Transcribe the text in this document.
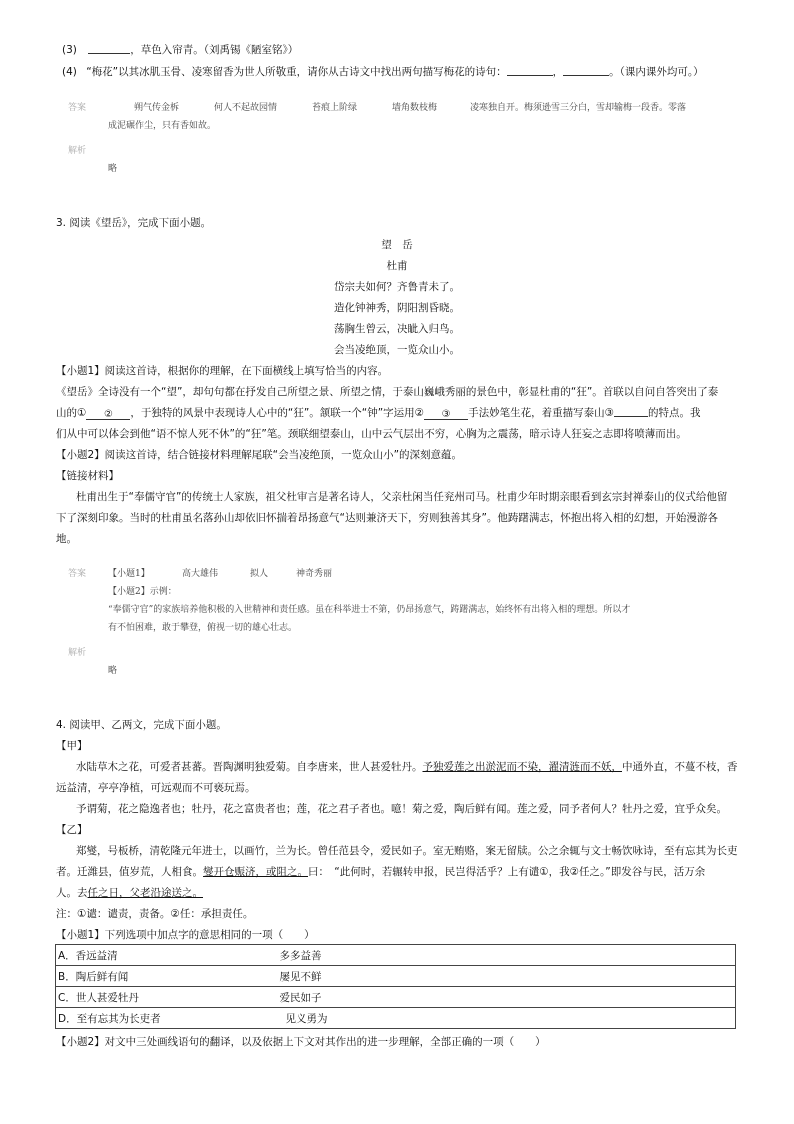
(3)	，草色入帘青。（刘禹锡《陋室铭》）
(4) “梅花”以其冰肌玉骨、凌寒留香为世人所敬重，请你从古诗文中找出两句描写梅花的诗句：	，	。（课内课外均可。）
答案	朔气传金柝	何人不起故园情	苔痕上阶绿	墙角数枝梅	凌寒独自开。梅须逊雪三分白，雪却输梅一段香。零落
成泥碾作尘，只有香如故。
解析
略
3. 阅读《望岳》，完成下面小题。
望　岳
杜甫
岱宗夫如何？齐鲁青未了。
造化钟神秀，阴阳割昏晓。
荡胸生曾云，决眦入归鸟。
会当凌绝顶，一览众山小。
【小题1】阅读这首诗，根据你的理解，在下面横线上填写恰当的内容。
《望岳》全诗没有一个“望”，却句句都在抒发自己所望之景、所望之情，于泰山巍峨秀丽的景色中，彰显杜甫的“狂”。首联以自问自答突出了泰
山的① ② ，于独特的风景中表现诗人心中的“狂”。颔联一个“钟”字运用② ③ 手法妙笔生花，着重描写泰山③	的特点。我
们从中可以体会到他“语不惊人死不休”的“狂”笔。颈联细望泰山，山中云气层出不穷，心胸为之震荡，暗示诗人狂妄之志即将喷薄而出。
【小题2】阅读这首诗，结合链接材料理解尾联“会当凌绝顶，一览众山小”的深刻意蕴。
【链接材料】
杜甫出生于“奉儒守官”的传统士人家族，祖父杜审言是著名诗人，父亲杜闲当任兖州司马。杜甫少年时期亲眼看到玄宗封禅泰山的仪式给他留
下了深刻印象。当时的杜甫虽名落孙山却依旧怀揣着昂扬意气“达则兼济天下，穷则独善其身”。他踌躇满志，怀抱出将入相的幻想，开始漫游各
地。
答案 【小题1】	高大雄伟	拟人	神奇秀丽
【小题2】示例：
“奉儒守官”的家族培养他积极的入世精神和责任感。虽在科举进士不第，仍昂扬意气，踌躇满志，始终怀有出将入相的理想。所以才
有不怕困难，敢于攀登，俯视一切的雄心壮志。
解析
略
4. 阅读甲、乙两文，完成下面小题。
【甲】
水陆草木之花，可爱者甚蕃。晋陶渊明独爱菊。自李唐来，世人甚爱牡丹。予独爱莲之出淤泥而不染，濯清涟而不妖，中通外直，不蔓不枝，香
远益清，亭亭净植，可远观而不可亵玩焉。
予谓菊，花之隐逸者也；牡丹，花之富贵者也；莲，花之君子者也。噫！菊之爱，陶后鲜有闻。莲之爱，同予者何人？牡丹之爱，宜乎众矣。
【乙】
郑燮，号板桥，清乾隆元年进士，以画竹，兰为长。曾任范县令，爱民如子。室无贿赂，案无留牍。公之余辄与文士畅饮咏诗，至有忘其为长吏
者。迁潍县，值岁荒，人相食。燮开仓赈济，或阻之。曰：　“此何时，若辗转申报，民岂得活乎？上有谴①，我②任之。”即发谷与民，活万余
人。去任之日，父老沿途送之。
注：①谴：谴责，责备。②任：承担责任。
【小题1】下列选项中加点字的意思相同的一项（　　）
A．香远益清	多多益善
B．陶后鲜有闻	屡见不鲜
C．世人甚爱牡丹	爱民如子
D．至有忘其为长吏者	见义勇为
【小题2】对文中三处画线语句的翻译，以及依据上下文对其作出的进一步理解，全部正确的一项（　　）
